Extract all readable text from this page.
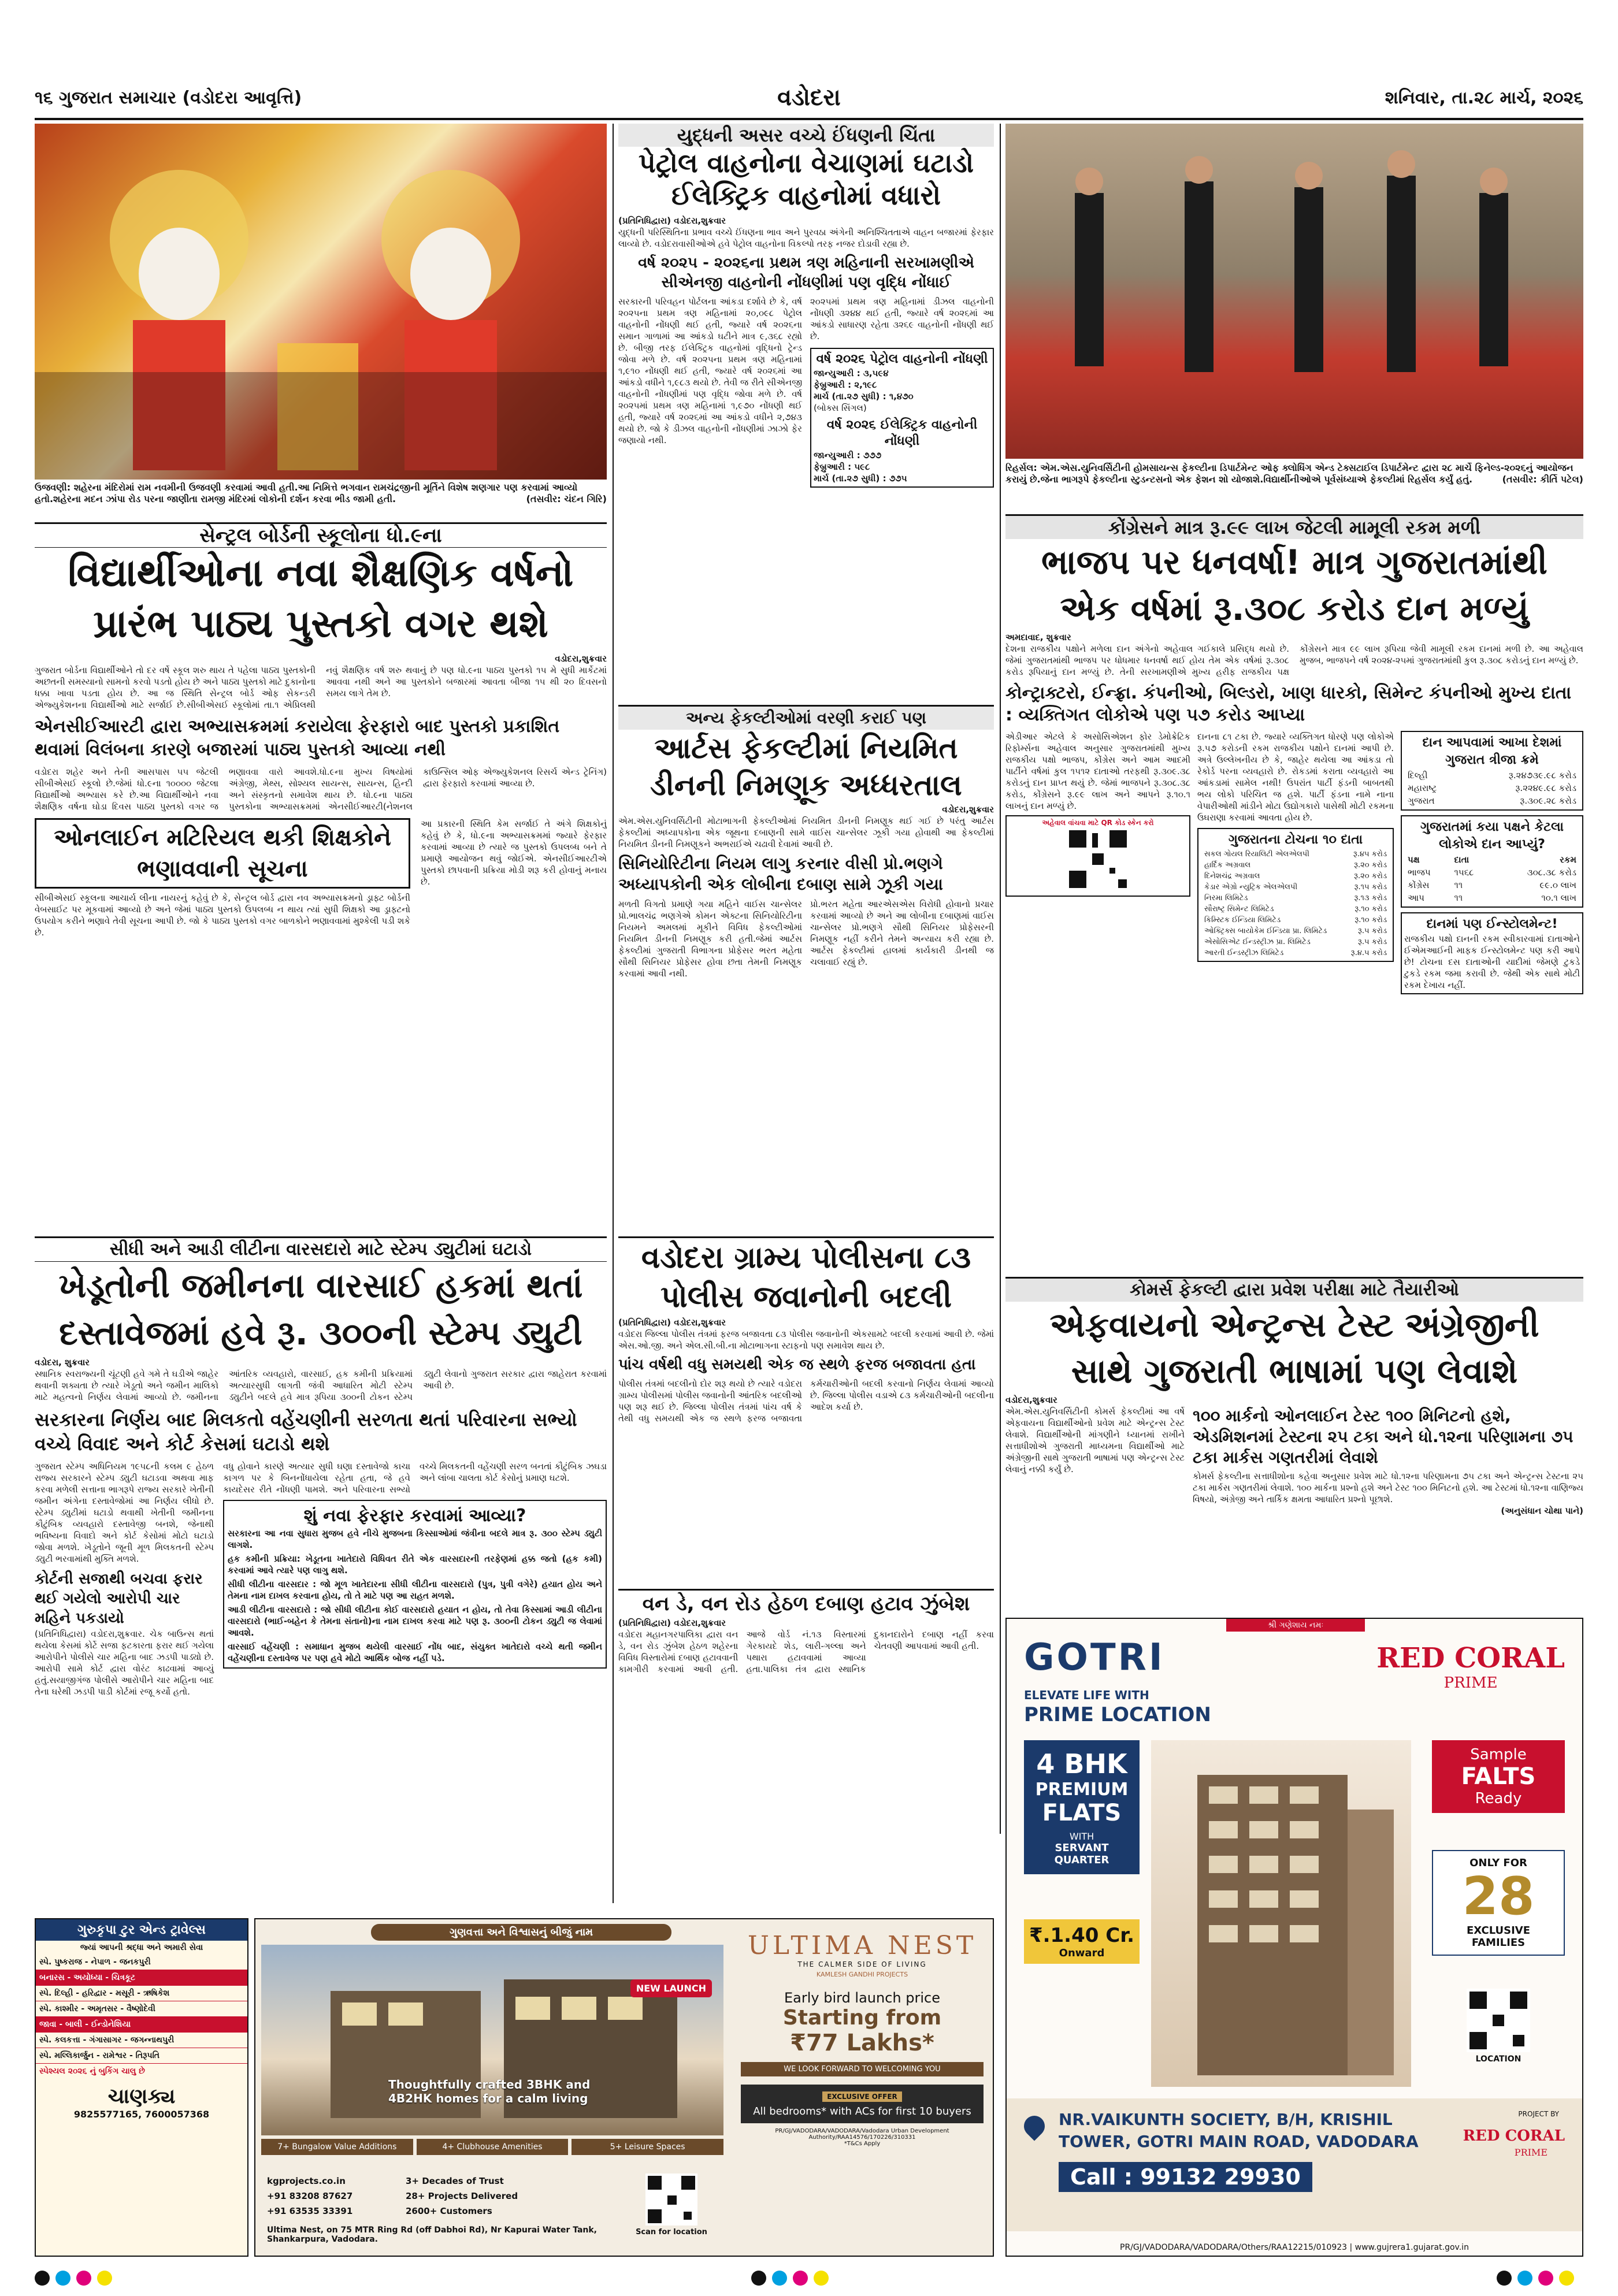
૧૬ ગુજરાત સમાચાર (વડોદરા આવૃત્તિ)	વડોદરા	શનિવાર, તા.૨૮ માર્ચ, ૨૦૨૬
ઉજવણી: શહેરના મંદિરોમાં રામ નવમીની ઉજવણી કરવામાં આવી હતી.આ નિમિત્તે ભગવાન રામચંદ્રજીની મૂર્તિને વિશેષ શણગાર પણ કરવામાં આવ્યો હતો.શહેરના મદન ઝાંપા રોડ પરના જાણીતા રામજી મંદિરમાં લોકોની દર્શન કરવા ભીડ જામી હતી.	(તસવીર: ચંદન ગિરિ)
યુદ્ધની અસર વચ્ચે ઈંધણની ચિંતા
પેટ્રોલ વાહનોના વેચાણમાં ઘટાડો
ઈલેક્ટ્રિક વાહનોમાં વધારો
(પ્રતિનિધિદ્વારા) વડોદરા,શુક્રવાર
યુદ્ધની પરિસ્થિતિના પ્રભાવ વચ્ચે ઈંધણના ભાવ અને પુરવઠા અંગેની અનિશ્ચિતતાએ વાહન બજારમાં ફેરફાર લાવ્યો છે. વડોદરાવાસીઓએ હવે પેટ્રોલ વાહનોના વિકલ્પો તરફ નજર દોડાવી રહ્યા છે.
વર્ષ ૨૦૨૫ - ૨૦૨૬ના પ્રથમ ત્રણ મહિનાની સરખામણીએ સીએનજી વાહનોની નોંધણીમાં પણ વૃદ્ધિ નોંધાઈ
સરકારની પરિવહન પોર્ટલના આંકડા દર્શાવે છે કે, વર્ષ ૨૦૨૫ના પ્રથમ ત્રણ મહિનામાં ૨૦,૦૯૮ પેટ્રોલ વાહનોની નોંધણી થઈ હતી, જ્યારે વર્ષ ૨૦૨૬ના સમાન ગાળામાં આ આંકડો ઘટીને માત્ર ૯,૩૬૮ રહ્યો છે. બીજી તરફ ઈલેક્ટ્રિક વાહનોમાં વૃદ્ધિનો ટ્રેન્ડ જોવા મળે છે. વર્ષ ૨૦૨૫ના પ્રથમ ત્રણ મહિનામાં ૧,૯૧૦ નોંધણી થઈ હતી, જ્યારે વર્ષ ૨૦૨૬માં આ આંકડો વધીને ૧,૯૮૩ થયો છે. તેવી જ રીતે સીએનજી વાહનોની નોંધણીમાં પણ વૃદ્ધિ જોવા મળે છે. વર્ષ ૨૦૨૫માં પ્રથમ ત્રણ મહિનામાં ૧,૯૭૦ નોંધણી થઈ હતી, જ્યારે વર્ષ ૨૦૨૬માં આ આંકડો વધીને ૨,૭૪૩ થયો છે. જો કે ડીઝલ વાહનોની નોંધણીમાં ઝાઝો ફેર જણાયો નથી.
૨૦૨૫માં પ્રથમ ત્રણ મહિનામાં ડીઝલ વાહનોની નોંધણી ૩૨૪૪ થઈ હતી, જ્યારે વર્ષ ૨૦૨૬માં આ આંકડો સાધારણ રહેતા ૩૨૬૯ વાહનોની નોંધણી થઈ છે.
વર્ષ ૨૦૨૬ પેટ્રોલ વાહનોની નોંધણી
જાન્યુઆરી : ૩,૫૯૪
ફેબ્રુઆરી : ૨,૧૯૮
માર્ચ (તા.૨૭ સુધી) : ૧,૪૭૦
(બોક્સ સિંગલ)
વર્ષ ૨૦૨૬ ઈલેક્ટ્રિક વાહનોની નોંધણી
જાન્યુઆરી : ૭૭૭
ફેબ્રુઆરી : ૫૯૮
માર્ચ (તા.૨૭ સુધી) : ૭૭૫
રિહર્સલ: એમ.એસ.યુનિવર્સિટીની હોમસાયન્સ ફેકલ્ટીના ડિપાર્ટમેન્ટ ઓફ ક્લોધિંગ એન્ડ ટેક્સટાઈલ ડિપાર્ટમેન્ટ દ્વારા ૨૮ માર્ચે ફિનેલ્ડ-૨૦૨૬નું આયોજન કરાયું છે.જેના ભાગરૂપે ફેકલ્ટીના સ્ટુડન્ટસનો એક ફેશન શો યોજાશે.વિદ્યાર્થીનીઓએ પૂર્વસંધ્યાએ ફેકલ્ટીમાં રિહર્સલ કર્યું હતું.	(તસવીર: કીર્તિ પટેલ)
સેન્ટ્રલ બોર્ડની સ્કૂલોના ધો.૯ના
વિદ્યાર્થીઓના નવા શૈક્ષણિક વર્ષનો
પ્રારંભ પાઠ્ય પુસ્તકો વગર થશે
વડોદરા,શુક્રવાર
ગુજરાત બોર્ડના વિદ્યાર્થીઓને તો દર વર્ષે સ્કૂલ શરુ થાય તે પહેલા પાઠ્ય પુસ્તકોની અછતની સમસ્યાનો સામનો કરવો પડતો હોય છે અને પાઠ્ય પુસ્તકો માટે દુકાનોના ધક્કા ખાવા પડતા હોય છે. આ જ સ્થિતિ સેન્ટ્રલ બોર્ડ ઓફ સેકન્ડરી એજ્યુકેશનના વિદ્યાર્થીઓ માટે સર્જાઈ છે.સીબીએસઈ સ્કૂલોમાં તા.૧ એપ્રિલથી નવું શૈક્ષણિક વર્ષ શરુ થવાનું છે પણ ધો.૯ના પાઠ્ય પુસ્તકો ૧૫ મે સુધી માર્કેટમાં આવવા નથી અને આ પુસ્તકોને બજારમાં આવતા બીજા ૧૫ થી ૨૦ દિવસનો સમય લાગે તેમ છે.
એનસીઈઆરટી દ્વારા અભ્યાસક્રમમાં કરાયેલા ફેરફારો બાદ પુસ્તકો પ્રકાશિત થવામાં વિલંબના કારણે બજારમાં પાઠ્ય પુસ્તકો આવ્યા નથી
વડોદરા શહેર અને તેની આસપાસ ૫૫ જેટલી સીબીએસઈ સ્કૂલો છે.જેમાં ધો.૯ના ૧૦૦૦૦ જેટલા વિદ્યાર્થીઓ અભ્યાસ કરે છે.આ વિદ્યાર્થીઓને નવા શૈક્ષણિક વર્ષના ઘોડા દિવસ પાઠ્ય પુસ્તકો વગર જ ભણાવવા વારો આવશે.ધો.૯ના મુખ્ય વિષયોમાં અંગ્રેજી, મેથ્સ, સોશ્યલ સાયન્સ, સાયન્સ, હિન્દી અને સંસ્કૃતનો સમાવેશ થાય છે. ધો.૯ના પાઠ્ય પુસ્તકોના અભ્યાસક્રમમાં એનસીઈઆરટી(નેશનલ કાઉન્સિલ ઓફ એજ્યુકેશનલ રિસર્ચ એન્ડ ટ્રેનિંગ) દ્વારા ફેરફારો કરવામાં આવ્યા છે.
ઓનલાઈન મટિરિયલ થકી શિક્ષકોને ભણાવવાની સૂચના
સીબીએસઈ સ્કૂલના આચાર્ય લીના નાયરનું કહેવું છે કે, સેન્ટ્રલ બોર્ડ દ્વારા નવ અભ્યાસક્રમનો ડ્રાફ્ટ બોર્ડની વેબસાઈટ પર મૂકવામાં આવ્યો છે અને જેમાં પાઠ્ય પુસ્તકો ઉપલબ્ધ ન થાય ત્યાં સુધી શિક્ષકો આ ડ્રાફ્ટનો ઉપયોગ કરીને ભણાવે તેવી સૂચના આપી છે. જો કે પાઠ્ય પુસ્તકો વગર બાળકોને ભણાવવામાં મુશ્કેલી પડી શકે છે.
આ પ્રકારની સ્થિતિ કેમ સર્જાઈ તે અંગે શિક્ષકોનું કહેવું છે કે, ધો.૯ના અભ્યાસક્રમમાં જ્યારે ફેરફાર કરવામાં આવ્યા છે ત્યારે જ પુસ્તકો ઉપલબ્ધ બને તે પ્રમાણે આયોજન થવું જોઈએ. એનસીઈઆરટીએ પુસ્તકો છાપવાની પ્રક્રિયા મોડી શરૂ કરી હોવાનું મનાય છે.
કોંગ્રેસને માત્ર રૂ.૯૯ લાખ જેટલી મામૂલી રકમ મળી
ભાજપ પર ધનવર્ષા! માત્ર ગુજરાતમાંથી
એક વર્ષમાં રૂ.૩૦૮ કરોડ દાન મળ્યું
અમદાવાદ, શુક્રવાર
દેશના રાજકીય પક્ષોને મળેલા દાન અંગેનો અહેવાલ ગઈકાલે પ્રસિદ્ધ થયો છે. જેમાં ગુજરાતમાંથી ભાજપ પર ધોધમાર ધનવર્ષા થઈ હોય તેમ એક વર્ષમાં રૂ.૩૦૮ કરોડ રૂપિયાનું દાન મળ્યું છે. તેની સરખામણીએ મુખ્ય હરીફ રાજકીય પક્ષ કોંગ્રેસને માત્ર ૯૯ લાખ રૂપિયા જેવી મામૂલી રકમ દાનમાં મળી છે. આ અહેવાલ મુજબ, ભાજપને વર્ષ ૨૦૨૪-૨૫માં ગુજરાતમાંથી કુલ રૂ.૩૦૮ કરોડનું દાન મળ્યું છે.
કોન્ટ્રાક્ટરો, ઈન્ફ્રા. કંપનીઓ, બિલ્ડરો, ખાણ ધારકો, સિમેન્ટ કંપનીઓ મુખ્ય દાતા : વ્યક્તિગત લોકોએ પણ ૫૭ કરોડ આપ્યા
એડીઆર એટલે કે અસોસિએશન ફોર ડેમોક્રેટિક રિફોર્મ્સના અહેવાલ અનુસાર ગુજરાતમાંથી મુખ્ય રાજકીય પક્ષો ભાજપ, કોંગ્રેસ અને આમ આદમી પાર્ટીને વર્ષમાં કુલ ૧૫૧૨ દાતાઓ તરફથી રૂ.૩૦૯.૩૮ કરોડનું દાન પ્રાપ્ત થયું છે. જેમાં ભાજપને રૂ.૩૦૮.૩૮ કરોડ, કોંગ્રેસને રૂ.૯૯ લાખ અને આપને રૂ.૧૦.૧ લાખનું દાન મળ્યું છે.
અહેવાલ વાંચવા માટે QR કોડ સ્કેન કરો
દાનના ૮૧ ટકા છે. જ્યારે વ્યક્તિગત ધોરણે પણ લોકોએ રૂ.૫૭ કરોડની રકમ રાજકીય પક્ષોને દાનમાં આપી છે. અત્રે ઉલ્લેખનીય છે કે, જાહેર થયેલા આ આંકડા તો રેકોર્ડ પરના વ્યવહારો છે. રોકડમાં કરાતા વ્યવહારો આ આંકડામાં સામેલ નથી! ઉપરાંત પાર્ટી ફંડની બાબતથી ભય લોકો પરિચિત જ હશે. પાર્ટી ફંડના નામે નાના વેપારીઓથી માંડીને મોટા ઉદ્યોગકારો પાસેથી મોટી રકમના ઉઘરાણા કરવામાં આવતા હોય છે.
ગુજરાતના ટોચના ૧૦ દાતા
સકલ ગોયલ રિયાલિટી એલએલપી	રૂ.૪૫ કરોડ
હાર્દિક અગ્રવાલ	રૂ.૨૦ કરોડ
દિનેશચંદ્ર અગ્રવાલ	રૂ.૨૦ કરોડ
કેડાર એગ્રો ન્યુટ્રિક એલએલપી	રૂ.૧૫ કરોડ
નિરમા લિમિટેડ	રૂ.૧૩ કરોડ
સૌરાષ્ટ્ર સિમેન્ટ લિમિટેડ	રૂ.૧૦ કરોડ
કિમ્સ્ટિક ઈન્ડિયા લિમિટેડ	રૂ.૧૦ કરોડ
ઓક્ટ્રિક્સ બાયોકેમ ઈન્ડિયા પ્રા. લિમિટેડ	રૂ.૫ કરોડ
એસોસિએટ ઈન્ડસ્ટ્રીઝ પ્રા. લિમિટેડ	રૂ.૫ કરોડ
આરતી ઈન્ડસ્ટ્રીઝ લિમિટેડ	રૂ.૪.૫ કરોડ
દાન આપવામાં આખા દેશમાં ગુજરાત ત્રીજા ક્રમે
દિલ્હી	રૂ.૨૪૭૩૯.૯૮ કરોડ
મહારાષ્ટ્ર	રૂ.૨૨૪૯.૯૮ કરોડ
ગુજરાત	રૂ.૩૦૯.૨૮ કરોડ
ગુજરાતમાં કયા પક્ષને કેટલા લોકોએ દાન આપ્યું?
પક્ષ	દાતા	રકમ
ભાજપ	૧૫૬૮	૩૦૮.૩૮ કરોડ
કોંગ્રેસ	૧૧	૯૯.૦ લાખ
આપ	૧૧	૧૦.૧ લાખ
દાનમાં પણ ઈન્સ્ટોલમેન્ટ!
રાજકીય પક્ષો દાનની રકમ સ્વીકારવામાં દાતાઓને ઈએમઆઈની માફક ઈન્સ્ટોલમેન્ટ પણ કરી આપે છે! ટોચના દસ દાતાઓની યાદીમાં જેમણે ટુકડે ટુકડે રકમ જમા કરાવી છે. જેથી એક સાથે મોટી રકમ દેખાય નહીં.
અન્ય ફેકલ્ટીઓમાં વરણી કરાઈ પણ
આર્ટસ ફેકલ્ટીમાં નિયમિત
ડીનની નિમણૂક અધ્ધરતાલ
વડોદરા,શુક્રવાર
એમ.એસ.યુનિવર્સિટીની મોટાભાગની ફેકલ્ટીઓમાં નિયમિત ડીનની નિમણૂક થઈ ગઈ છે પરંતુ આર્ટસ ફેકલ્ટીમાં અધ્યાપકોના એક જૂથના દબાણની સામે વાઈસ ચાન્સેલર ઝૂકી ગયા હોવાથી આ ફેકલ્ટીમાં નિયમિત ડીનની નિમણૂકને અભરાઈએ ચઢાવી દેવામાં આવી છે.
સિનિયોરિટીના નિયમ લાગુ કરનાર વીસી પ્રો.ભણગે અધ્યાપકોની એક લોબીના દબાણ સામે ઝૂકી ગયા
મળતી વિગતો પ્રમાણે ગયા મહિને વાઈસ ચાન્સેલર પ્રો.ભાલચંદ્ર ભણગેએ કોમન એક્ટના સિનિયોરિટીના નિયમને અમલમાં મૂકીને વિવિધ ફેકલ્ટીઓમાં નિયમિત ડીનની નિમણૂક કરી હતી.જેમાં આર્ટસ ફેકલ્ટીમાં ગુજરાતી વિભાગના પ્રોફેસર ભરત મહેતા સૌથી સિનિયર પ્રોફેસર હોવા છતા તેમની નિમણૂક કરવામાં આવી નથી.
પ્રો.ભરત મહેતા આરએસએસ વિરોધી હોવાનો પ્રચાર કરવામાં આવ્યો છે અને આ લોબીના દબાણમાં વાઈસ ચાન્સેલર પ્રો.ભણગે સૌથી સિનિયર પ્રોફેસરની નિમણૂક નહીં કરીને તેમને અન્યાય કરી રહ્યા છે. આર્ટસ ફેકલ્ટીમાં હાલમાં કાર્યકારી ડીનથી જ ચલાવાઈ રહ્યું છે.
સીધી અને આડી લીટીના વારસદારો માટે સ્ટેમ્પ ડ્યુટીમાં ઘટાડો
ખેડૂતોની જમીનના વારસાઈ હકમાં થતાં
દસ્તાવેજમાં હવે રૂ. ૩૦૦ની સ્ટેમ્પ ડ્યુટી
વડોદરા, શુક્રવાર
સ્થાનિક સ્વરાજ્યની ચૂંટણી હવે ગમે તે ઘડીએ જાહેર થવાની શક્યતા છે ત્યારે ખેડૂતો અને જમીન માલિકો માટે મહત્વનો નિર્ણય લેવામાં આવ્યો છે. જમીનના આંતરિક વ્યવહારો, વારસાઈ, હક કમીની પ્રક્રિયામાં અત્યારસુધી લાગતી જંત્રી આધારિત મોટી સ્ટેમ્પ ડ્યુટીને બદલે હવે માત્ર રૂપિયા ૩૦૦ની ટોકન સ્ટેમ્પ ડ્યુટી લેવાનો ગુજરાત સરકાર દ્વારા જાહેરાત કરવામાં આવી છે.
સરકારના નિર્ણય બાદ મિલકતો વહેંચણીની સરળતા થતાં પરિવારના સભ્યો વચ્ચે વિવાદ અને કોર્ટ કેસમાં ઘટાડો થશે
ગુજરાત સ્ટેમ્પ અધિનિયમ ૧૯૫૮ની કલમ ૯ હેઠળ રાજ્ય સરકારને સ્ટેમ્પ ડ્યુટી ઘટાડવા અથવા માફ કરવા મળેલી સત્તાના ભાગરૂપે રાજ્ય સરકારે ખેતીની જમીન અંગેના દસ્તાવેજોમાં આ નિર્ણય લીધો છે. સ્ટેમ્પ ડ્યુટીમાં ઘટાડો થવાથી ખેતીની જમીનના કૌટુંબિક વ્યવહારો દસ્તાવેજી બનશે, જેનાથી ભવિષ્યના વિવાદો અને કોર્ટ કેસોમાં મોટો ઘટાડો જોવા મળશે. ખેડૂતોને જૂની મૂળ મિલકતની સ્ટેમ્પ ડ્યુટી ભરવામાંથી મુક્તિ મળશે.
કોર્ટની સજાથી બચવા ફરાર થઈ ગયેલો આરોપી ચાર મહિને પકડાયો
(પ્રતિનિધિદ્વારા) વડોદરા,શુક્રવાર. ચેક બાઉન્સ થતાં થયેલા કેસમાં કોર્ટે સજા ફટકારતા ફરાર થઈ ગયેલા આરોપીને પોલીસે ચાર મહિના બાદ ઝડપી પાડ્યો છે. આરોપી સામે કોર્ટ દ્વારા વોરંટ કાઢવામાં આવ્યું હતું.સયાજીગંજ પોલીસે આરોપીને ચાર મહિના બાદ તેના ઘરેથી ઝડપી પાડી કોર્ટમાં રજૂ કર્યો હતો.
વધુ હોવાને કારણે અત્યાર સુધી ઘણા દસ્તાવેજો કાચા કાગળ પર કે બિનનોંધાયેલા રહેતા હતા, જે હવે કાયદેસર રીતે નોંધણી પામશે. અને પરિવારના સભ્યો વચ્ચે મિલકતની વહેંચણી સરળ બનતાં કૌટુંબિક ઝઘડા અને લાંબા ચાલતા કોર્ટ કેસોનું પ્રમાણ ઘટશે.
શું નવા ફેરફાર કરવામાં આવ્યા?
સરકારના આ નવા સુધારા મુજબ હવે નીચે મુજબના કિસ્સાઓમાં જંત્રીના બદલે માત્ર રૂ. ૩૦૦ સ્ટેમ્પ ડ્યુટી લાગશે.
હક કમીની પ્રક્રિયા: ખેડૂતના ખાતેદારો વિધિવત રીતે એક વારસદારની તરફેણમાં હક્ક જતો (હક કમી) કરવામાં આવે ત્યારે પણ લાગુ થશે.
સીધી લીટીના વારસદાર : જો મૂળ ખાતેદારના સીધી લીટીના વારસદારો (પુત્ર, પુત્રી વગેરે) હયાત હોય અને તેમના નામ દાખલ કરવાના હોય, તો તે માટે પણ આ રાહત મળશે.
આડી લીટીના વારસદારો : જો સીધી લીટીના કોઈ વારસદારો હયાત ન હોય, તો તેવા કિસ્સામાં આડી લીટીના વારસદારો (ભાઈ-બહેન કે તેમના સંતાનો)ના નામ દાખલ કરવા માટે પણ રૂ. ૩૦૦ની ટોકન ડ્યુટી જ લેવામાં આવશે.
વારસાઈ વહેંચણી : સમાધાન મુજબ થયેલી વારસાઈ નોંધ બાદ, સંયુક્ત ખાતેદારો વચ્ચે થતી જમીન વહેંચણીના દસ્તાવેજ પર પણ હવે મોટો આર્થિક બોજ નહીં પડે.
વડોદરા ગ્રામ્ય પોલીસના ૮૩
પોલીસ જવાનોની બદલી
(પ્રતિનિધિદ્વારા) વડોદરા,શુક્રવાર
વડોદરા જિલ્લા પોલીસ તંત્રમાં ફરજ બજાવતા ૮૩ પોલીસ જવાનોની એકસામટે બદલી કરવામાં આવી છે. જેમાં એસ.ઓ.જી. અને એલ.સી.બી.ના મોટાભાગના સ્ટાફનો પણ સમાવેશ થાય છે.
પાંચ વર્ષથી વધુ સમયથી એક જ સ્થળે ફરજ બજાવતા હતા
પોલીસ તંત્રમાં બદલીનો દોર શરૂ થયો છે ત્યારે વડોદરા ગ્રામ્ય પોલીસમાં પોલીસ જવાનોની આંતરિક બદલીઓ પણ શરૂ થઈ છે. જિલ્લા પોલીસ તંત્રમાં પાંચ વર્ષ કે તેથી વધુ સમયથી એક જ સ્થળે ફરજ બજાવતા કર્મચારીઓની બદલી કરવાનો નિર્ણય લેવામાં આવ્યો છે. જિલ્લા પોલીસ વડાએ ૮૩ કર્મચારીઓની બદલીના આદેશ કર્યા છે.
વન ડે, વન રોડ હેઠળ દબાણ હટાવ ઝુંબેશ
(પ્રતિનિધિદ્વારા) વડોદરા,શુક્રવાર
વડોદરા મહાનગરપાલિકા દ્વારા વન ડે, વન રોડ ઝુંબેશ હેઠળ શહેરના વિવિધ વિસ્તારોમાં દબાણ હટાવવાની કામગીરી કરવામાં આવી હતી. આજે વોર્ડ નં.૧૩ વિસ્તારમાં ગેરકાયદે શેડ, લારી-ગલ્લા અને પથારા હટાવવામાં આવ્યા હતા.પાલિકા તંત્ર દ્વારા સ્થાનિક દુકાનદારોને દબાણ નહીં કરવા ચેતવણી આપવામાં આવી હતી.
કોમર્સ ફેકલ્ટી દ્વારા પ્રવેશ પરીક્ષા માટે તૈયારીઓ
એફવાયનો એન્ટ્રન્સ ટેસ્ટ અંગ્રેજીની
સાથે ગુજરાતી ભાષામાં પણ લેવાશે
વડોદરા,શુક્રવાર
એમ.એસ.યુનિવર્સિટીની કોમર્સ ફેકલ્ટીમાં આ વર્ષે એફવાયના વિદ્યાર્થીઓનો પ્રવેશ માટે એન્ટ્રન્સ ટેસ્ટ લેવાશે. વિદ્યાર્થીઓની માંગણીને ધ્યાનમાં રાખીને સત્તાધીશોએ ગુજરાતી માધ્યમના વિદ્યાર્થીઓ માટે અંગ્રેજીની સાથે ગુજરાતી ભાષામાં પણ એન્ટ્રન્સ ટેસ્ટ લેવાનું નક્કી કર્યું છે.
૧૦૦ માર્કનો ઓનલાઈન ટેસ્ટ ૧૦૦ મિનિટનો હશે, એડમિશનમાં ટેસ્ટના ૨૫ ટકા અને ધો.૧૨ના પરિણામના ૭૫ ટકા માર્કસ ગણતરીમાં લેવાશે
કોમર્સ ફેકલ્ટીના સત્તાધીશોના કહેવા અનુસાર પ્રવેશ માટે ધો.૧૨ના પરિણામના ૭૫ ટકા અને એન્ટ્રન્સ ટેસ્ટના ૨૫ ટકા માર્કસ ગણતરીમાં લેવાશે. ૧૦૦ માર્કના પ્રશ્નો હશે અને ટેસ્ટ ૧૦૦ મિનિટનો હશે. આ ટેસ્ટમાં ધો.૧૨ના વાણિજ્ય વિષયો, અંગ્રેજી અને તાર્કિક ક્ષમતા આધારિત પ્રશ્નો પૂછાશે.
(અનુસંધાન ચોથા પાને)
ગુરુકૃપા ટુર એન્ડ ટ્રાવેલ્સ
જ્યાં આપની શ્રદ્ધા અને અમારી સેવા
સ્પે. પુષ્કરાજ - નેપાળ - જનકપુરી
બનારસ - અયોધ્યા - ચિત્રકૂટ
સ્પે. દિલ્હી - હરિદ્વાર - મસૂરી - ઋષિકેશ
સ્પે. કાશ્મીર - અમૃતસર - વૈષ્ણોદેવી
જાવા - બાલી - ઈન્ડોનેશિયા
સ્પે. કલકત્તા - ગંગાસાગર - જગન્નાથપુરી
સ્પે. મલ્લિકાર્જુન - રામેશ્વર - તિરૂપતિ
સ્પેશ્યલ ૨૦૨૬ નું બુકિંગ ચાલુ છે
ચાણક્ય
9825577165, 7600057368
ગુણવત્તા અને વિશ્વાસનું બીજું નામ
NEW LAUNCH
Thoughtfully crafted 3BHK and 4B2HK homes for a calm living
7+ Bungalow Value Additions	4+ Clubhouse Amenities	5+ Leisure Spaces
kgprojects.co.in
+91 83208 87627
+91 63535 33391
3+ Decades of Trust
28+ Projects Delivered
2600+ Customers
Scan for location
Ultima Nest, on 75 MTR Ring Rd (off Dabhoi Rd), Nr Kapurai Water Tank, Shankarpura, Vadodara.
ULTIMA NEST
THE CALMER SIDE OF LIVING
KAMLESH GANDHI PROJECTS
Early bird launch price
Starting from
₹77 Lakhs*
WE LOOK FORWARD TO WELCOMING YOU
EXCLUSIVE OFFER
All bedrooms* with ACs for first 10 buyers
PR/GJ/VADODARA/VADODARA/Vadodara Urban Development Authority/RAA14576/170226/310331
*T&Cs Apply
શ્રી ગણેશાય નમઃ
GOTRI
ELEVATE LIFE WITH
PRIME LOCATION
RED CORAL
PRIME
4 BHK
PREMIUM
FLATS
WITH
SERVANT QUARTER
₹.1.40 Cr.
Onward
Sample
FALTS
Ready
ONLY FOR
28
EXCLUSIVE FAMILIES
LOCATION
NR.VAIKUNTH SOCIETY, B/H, KRISHIL
TOWER, GOTRI MAIN ROAD, VADODARA
Call : 99132 29930
PROJECT BY
RED CORAL
PRIME
PR/GJ/VADODARA/VADODARA/Others/RAA12215/010923 | www.gujrera1.gujarat.gov.in
